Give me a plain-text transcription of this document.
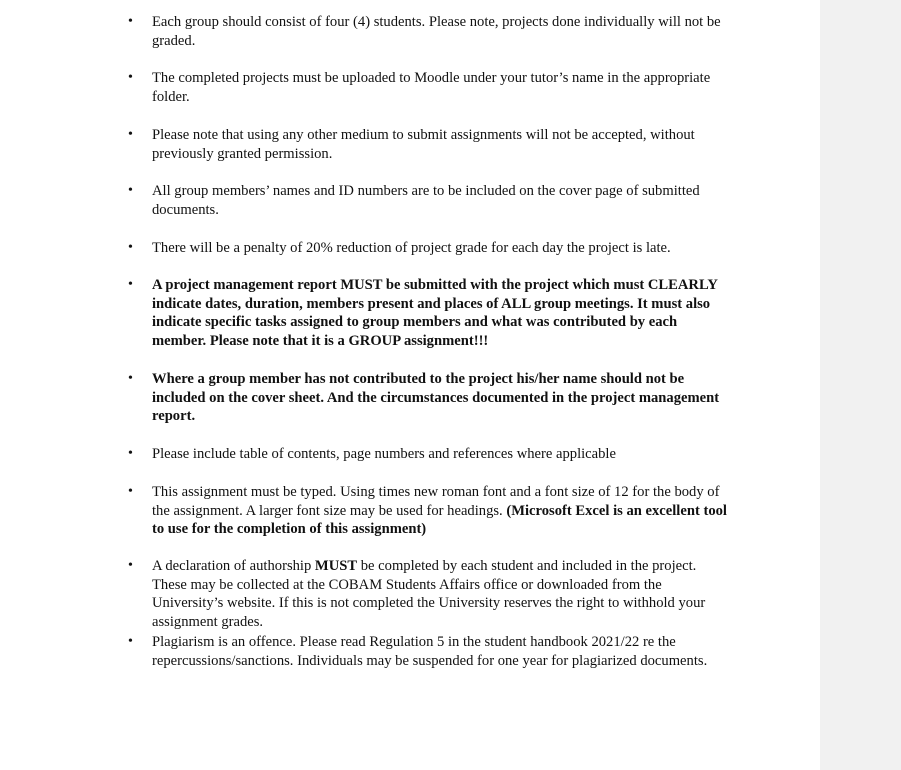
• Each group should consist of four (4) students. Please note, projects done individually will not be graded.
• The completed projects must be uploaded to Moodle under your tutor’s name in the appropriate folder.
• Please note that using any other medium to submit assignments will not be accepted, without previously granted permission.
• All group members’ names and ID numbers are to be included on the cover page of submitted documents.
• There will be a penalty of 20% reduction of project grade for each day the project is late.
• A project management report MUST be submitted with the project which must CLEARLY indicate dates, duration, members present and places of ALL group meetings. It must also indicate specific tasks assigned to group members and what was contributed by each member. Please note that it is a GROUP assignment!!!
• Where a group member has not contributed to the project his/her name should not be included on the cover sheet. And the circumstances documented in the project management report.
• Please include table of contents, page numbers and references where applicable
• This assignment must be typed. Using times new roman font and a font size of 12 for the body of the assignment. A larger font size may be used for headings. (Microsoft Excel is an excellent tool to use for the completion of this assignment)
• A declaration of authorship MUST be completed by each student and included in the project. These may be collected at the COBAM Students Affairs office or downloaded from the University’s website. If this is not completed the University reserves the right to withhold your assignment grades.
• Plagiarism is an offence. Please read Regulation 5 in the student handbook 2021/22 re the repercussions/sanctions. Individuals may be suspended for one year for plagiarized documents.
